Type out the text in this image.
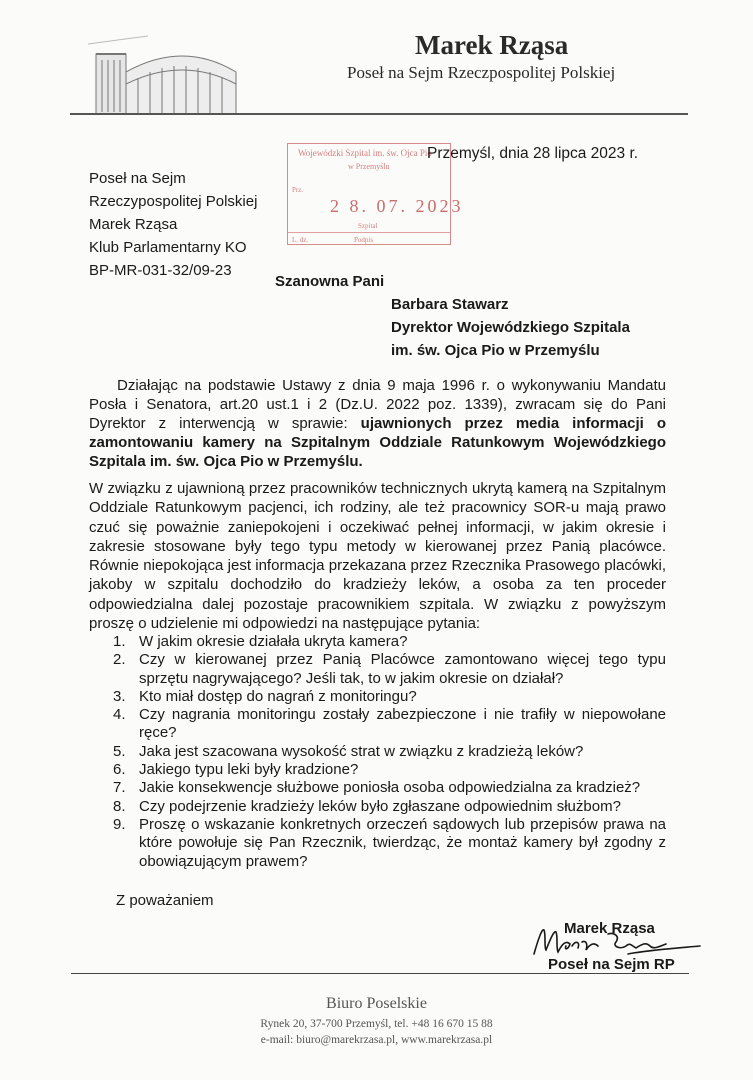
Marek Rząsa
Poseł na Sejm Rzeczpospolitej Polskiej
Wojewódzki Szpital im. św. Ojca Pio
w Przemyślu
Prz.
2 8. 07. 2023
Szpital
L. dz.	Podpis
Przemyśl, dnia 28 lipca 2023 r.
Poseł na Sejm
Rzeczypospolitej Polskiej
Marek Rząsa
Klub Parlamentarny KO
BP-MR-031-32/09-23
Szanowna Pani
Barbara Stawarz
Dyrektor Wojewódzkiego Szpitala
im. św. Ojca Pio w Przemyślu
Działając na podstawie Ustawy z dnia 9 maja 1996 r. o wykonywaniu Mandatu Posła i Senatora, art.20 ust.1 i 2 (Dz.U. 2022 poz. 1339), zwracam się do Pani Dyrektor z interwencją w sprawie: ujawnionych przez media informacji o zamontowaniu kamery na Szpitalnym Oddziale Ratunkowym Wojewódzkiego Szpitala im. św. Ojca Pio w Przemyślu.
W związku z ujawnioną przez pracowników technicznych ukrytą kamerą na Szpitalnym Oddziale Ratunkowym pacjenci, ich rodziny, ale też pracownicy SOR-u mają prawo czuć się poważnie zaniepokojeni i oczekiwać pełnej informacji, w jakim okresie i zakresie stosowane były tego typu metody w kierowanej przez Panią placówce. Równie niepokojąca jest informacja przekazana przez Rzecznika Prasowego placówki, jakoby w szpitalu dochodziło do kradzieży leków, a osoba za ten proceder odpowiedzialna dalej pozostaje pracownikiem szpitala. W związku z powyższym proszę o udzielenie mi odpowiedzi na następujące pytania:
1. W jakim okresie działała ukryta kamera?
2. Czy w kierowanej przez Panią Placówce zamontowano więcej tego typu sprzętu nagrywającego? Jeśli tak, to w jakim okresie on działał?
3. Kto miał dostęp do nagrań z monitoringu?
4. Czy nagrania monitoringu zostały zabezpieczone i nie trafiły w niepowołane ręce?
5. Jaka jest szacowana wysokość strat w związku z kradzieżą leków?
6. Jakiego typu leki były kradzione?
7. Jakie konsekwencje służbowe poniosła osoba odpowiedzialna za kradzież?
8. Czy podejrzenie kradzieży leków było zgłaszane odpowiednim służbom?
9. Proszę o wskazanie konkretnych orzeczeń sądowych lub przepisów prawa na które powołuje się Pan Rzecznik, twierdząc, że montaż kamery był zgodny z obowiązującym prawem?
Z poważaniem
Marek Rząsa
Poseł na Sejm RP
Biuro Poselskie
Rynek 20, 37-700 Przemyśl, tel. +48 16 670 15 88
e-mail: biuro@marekrzasa.pl, www.marekrzasa.pl
